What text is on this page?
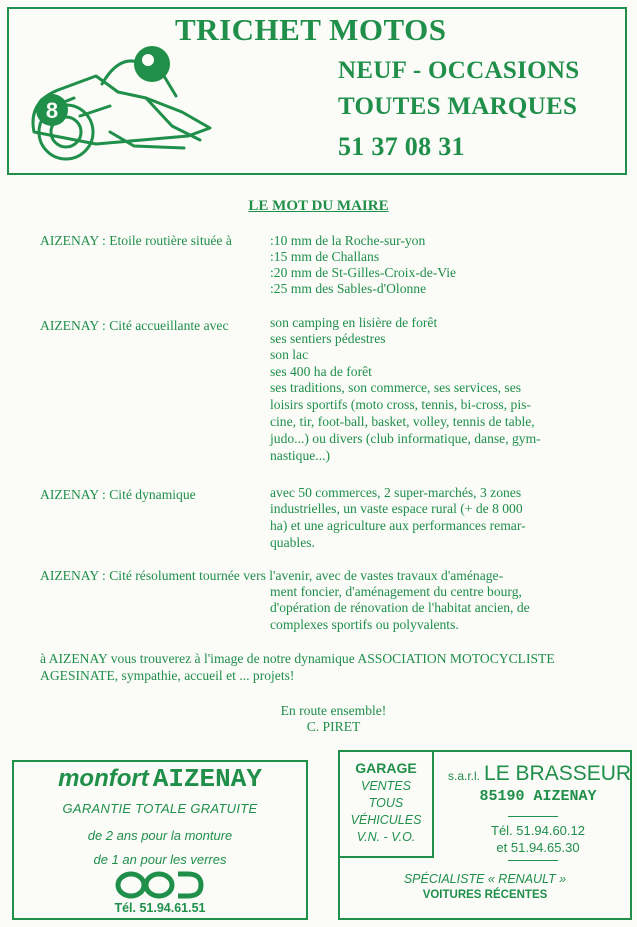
8
TRICHET MOTOS
NEUF - OCCASIONS
TOUTES MARQUES
51 37 08 31
LE MOT DU MAIRE
AIZENAY : Etoile routière située à	:10 mm de la Roche-sur-yon
:15 mm de Challans
:20 mm de St-Gilles-Croix-de-Vie
:25 mm des Sables-d'Olonne
AIZENAY : Cité accueillante avec	son camping en lisière de forêt
ses sentiers pédestres
son lac
ses 400 ha de forêt
ses traditions, son commerce, ses services, ses
loisirs sportifs (moto cross, tennis, bi-cross, pis-
cine, tir, foot-ball, basket, volley, tennis de table,
judo...) ou divers (club informatique, danse, gym-
nastique...)
AIZENAY : Cité dynamique	avec 50 commerces, 2 super-marchés, 3 zones
industrielles, un vaste espace rural (+ de 8 000
ha) et une agriculture aux performances remar-
quables.
AIZENAY : Cité résolument tournée vers l'avenir, avec de vastes travaux d'aménage-
ment foncier, d'aménagement du centre bourg,
d'opération de rénovation de l'habitat ancien, de
complexes sportifs ou polyvalents.
à AIZENAY vous trouverez à l'image de notre dynamique ASSOCIATION MOTOCYCLISTE
AGESINATE, sympathie, accueil et ... projets!
En route ensemble!
C. PIRET
monfort AIZENAY
GARANTIE TOTALE GRATUITE
de 2 ans pour la monture
de 1 an pour les verres
Tél. 51.94.61.51
GARAGE
VENTES
TOUS
VÉHICULES
V.N. - V.O.
s.a.r.l. LE BRASSEUR
85190 AIZENAY
Tél. 51.94.60.12
et 51.94.65.30
SPÉCIALISTE « RENAULT »
VOITURES RÉCENTES
